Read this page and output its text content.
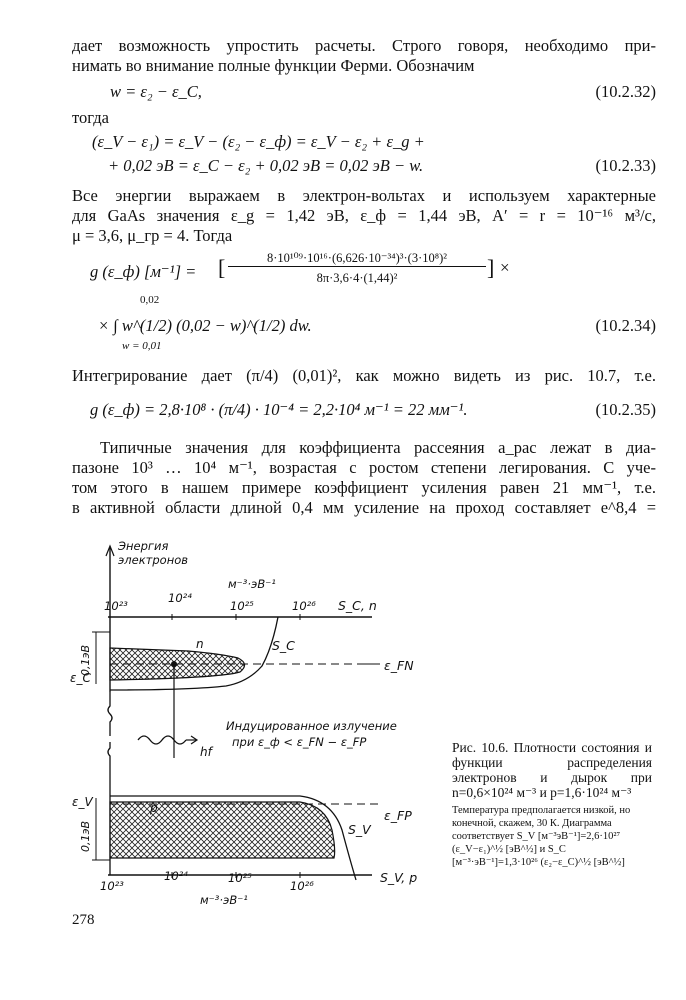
дает возможность упростить расчеты. Строго говоря, необходимо при-
нимать во внимание полные функции Ферми. Обозначим
w = ε₂ − ε_C,	(10.2.32)
тогда
(ε_V − ε₁) = ε_V − (ε₂ − ε_ф) = ε_V − ε₂ + ε_g +
+ 0,02 эВ = ε_C − ε₂ + 0,02 эВ = 0,02 эВ − w.	(10.2.33)
Все энергии выражаем в электрон-вольтах и используем характерные
для GaAs значения ε_g = 1,42 эВ, ε_ф = 1,44 эВ, A′ = r = 10⁻¹⁶ м³/с,
μ = 3,6, μ_гр = 4. Тогда
g (ε_ф) [м⁻¹] = [	8·10¹⁰⁹·10¹⁶·(6,626·10⁻³⁴)³·(3·10⁸)²
8π·3,6·4·(1,44)²	] ×
0,02
× ∫ w^(1/2) (0,02 − w)^(1/2) dw.
w = 0,01
(10.2.34)
Интегрирование дает (π/4) (0,01)², как можно видеть из рис. 10.7, т.е.
g (ε_ф) = 2,8·10⁸ · (π/4) · 10⁻⁴ = 2,2·10⁴ м⁻¹ = 22 мм⁻¹.	(10.2.35)
Типичные значения для коэффициента рассеяния a_рас лежат в диа-
пазоне 10³ … 10⁴ м⁻¹, возрастая с ростом степени легирования. С уче-
том этого в нашем примере коэффициент усиления равен 21 мм⁻¹, т.е.
в активной области длиной 0,4 мм усиление на проход составляет e^8,4 =
Энергия
электронов
м⁻³·эВ⁻¹
10²³
10²⁴
10²⁵	10²⁶ S_C, n
n	S_C
ε_FN
0,1эВ
ε_C
hf
Индуцированное излучение
при ε_ф < ε_FN − ε_FP
p
S_V
ε_FP
0,1эВ
ε_V
10²³
10²⁴	10²⁵
10²⁶
м⁻³·эВ⁻¹
S_V, p
Рис. 10.6. Плотности состояния и функции распределения электронов и дырок при n=0,6×10²⁴ м⁻³ и p=1,6·10²⁴ м⁻³
Температура предполагается низкой, но конечной, скажем, 30 К. Диаграмма соответствует S_V [м⁻³эВ⁻¹]=2,6·10²⁷ (ε_V−ε₁)^½ [эВ^½] и S_C [м⁻³·эВ⁻¹]=1,3·10²⁶ (ε₂−ε_C)^½ [эВ^½]
278
